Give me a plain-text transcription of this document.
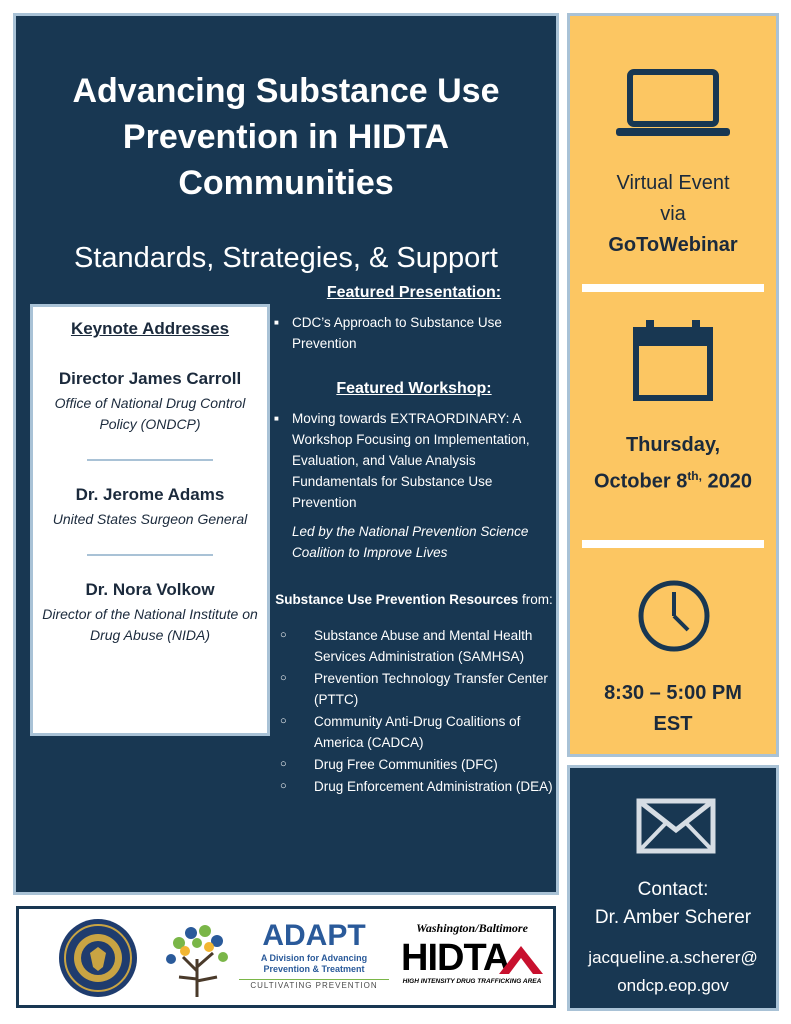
Advancing Substance Use Prevention in HIDTA Communities
Standards, Strategies, & Support
Keynote Addresses
Director James Carroll
Office of National Drug Control Policy (ONDCP)
Dr. Jerome Adams
United States Surgeon General
Dr. Nora Volkow
Director of the National Institute on Drug Abuse (NIDA)
Featured Presentation:
■ CDC’s Approach to Substance Use Prevention
Featured Workshop:
■ Moving towards EXTRAORDINARY: A Workshop Focusing on Implementation, Evaluation, and Value Analysis Fundamentals for Substance Use Prevention
Led by the National Prevention Science Coalition to Improve Lives
Substance Use Prevention Resources from:
○	Substance Abuse and Mental Health Services Administration (SAMHSA)
○	Prevention Technology Transfer Center (PTTC)
○	Community Anti-Drug Coalitions of America (CADCA)
○	Drug Free Communities (DFC)
○	Drug Enforcement Administration (DEA)
Virtual Event
via
GoToWebinar
Thursday,
October $8^{th,}$ 2020
8:30 – 5:00 PM
EST
Contact:
Dr. Amber Scherer
jacqueline.a.scherer@
ondcp.eop.gov
ADAPT
A Division for Advancing Prevention & Treatment
CULTIVATING PREVENTION
Washington/Baltimore
HIDTA
HIGH INTENSITY DRUG TRAFFICKING AREA
